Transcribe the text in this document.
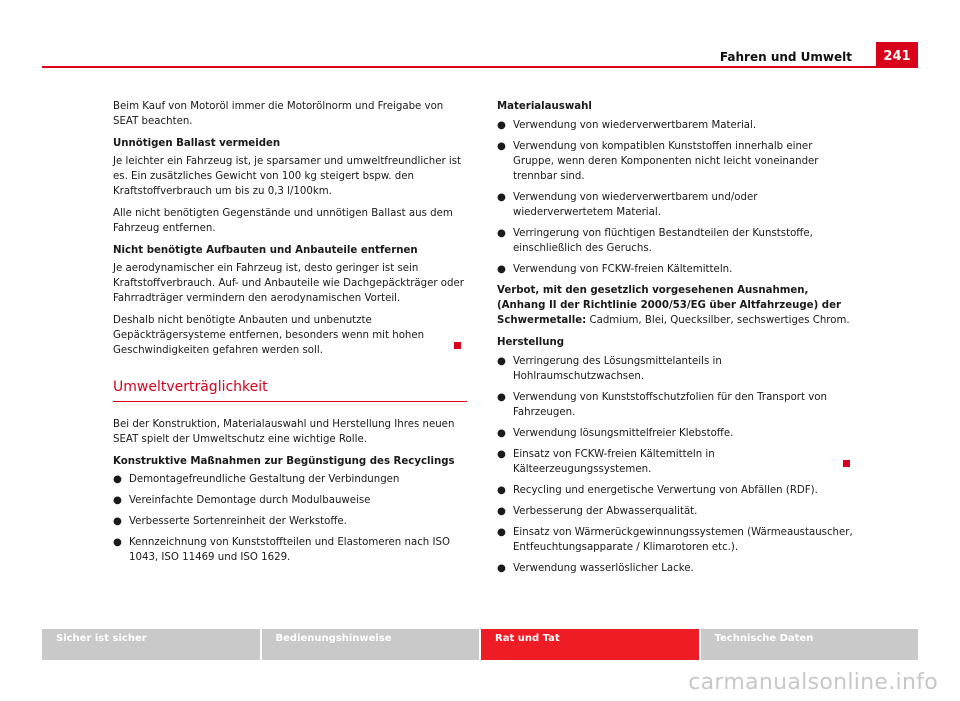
Fahren und Umwelt	241

Beim Kauf von Motoröl immer die Motorölnorm und Freigabe von SEAT beachten.

Unnötigen Ballast vermeiden

Je leichter ein Fahrzeug ist, je sparsamer und umweltfreundlicher ist es. Ein zusätzliches Gewicht von 100 kg steigert bspw. den Kraftstoffverbrauch um bis zu 0,3 l/100km.

Alle nicht benötigten Gegenstände und unnötigen Ballast aus dem Fahrzeug entfernen.

Nicht benötigte Aufbauten und Anbauteile entfernen

Je aerodynamischer ein Fahrzeug ist, desto geringer ist sein Kraftstoffverbrauch. Auf- und Anbauteile wie Dachgepäckträger oder Fahrradträger vermindern den aerodynamischen Vorteil.

Deshalb nicht benötigte Anbauten und unbenutzte Gepäckträgersysteme entfernen, besonders wenn mit hohen Geschwindigkeiten gefahren werden soll.

Umweltverträglichkeit

Bei der Konstruktion, Materialauswahl und Herstellung Ihres neuen SEAT spielt der Umweltschutz eine wichtige Rolle.

Konstruktive Maßnahmen zur Begünstigung des Recyclings

● Demontagefreundliche Gestaltung der Verbindungen
● Vereinfachte Demontage durch Modulbauweise
● Verbesserte Sortenreinheit der Werkstoffe.
● Kennzeichnung von Kunststoffteilen und Elastomeren nach ISO 1043, ISO 11469 und ISO 1629.

Materialauswahl

● Verwendung von wiederverwertbarem Material.
● Verwendung von kompatiblen Kunststoffen innerhalb einer Gruppe, wenn deren Komponenten nicht leicht voneinander trennbar sind.
● Verwendung von wiederverwertbarem und/oder wiederverwertetem Material.
● Verringerung von flüchtigen Bestandteilen der Kunststoffe, einschließlich des Geruchs.
● Verwendung von FCKW-freien Kältemitteln.

Verbot, mit den gesetzlich vorgesehenen Ausnahmen, (Anhang II der Richtlinie 2000/53/EG über Altfahrzeuge) der Schwermetalle: Cadmium, Blei, Quecksilber, sechswertiges Chrom.

Herstellung

● Verringerung des Lösungsmittelanteils in Hohlraumschutzwachsen.
● Verwendung von Kunststoffschutzfolien für den Transport von Fahrzeugen.
● Verwendung lösungsmittelfreier Klebstoffe.
● Einsatz von FCKW-freien Kältemitteln in Kälteerzeugungssystemen.
● Recycling und energetische Verwertung von Abfällen (RDF).
● Verbesserung der Abwasserqualität.
● Einsatz von Wärmerückgewinnungssystemen (Wärmeaustauscher, Entfeuchtungsapparate / Klimarotoren etc.).
● Verwendung wasserlöslicher Lacke.
Sicher ist sicher	Bedienungshinweise	Rat und Tat	Technische Daten
carmanualsonline.info
